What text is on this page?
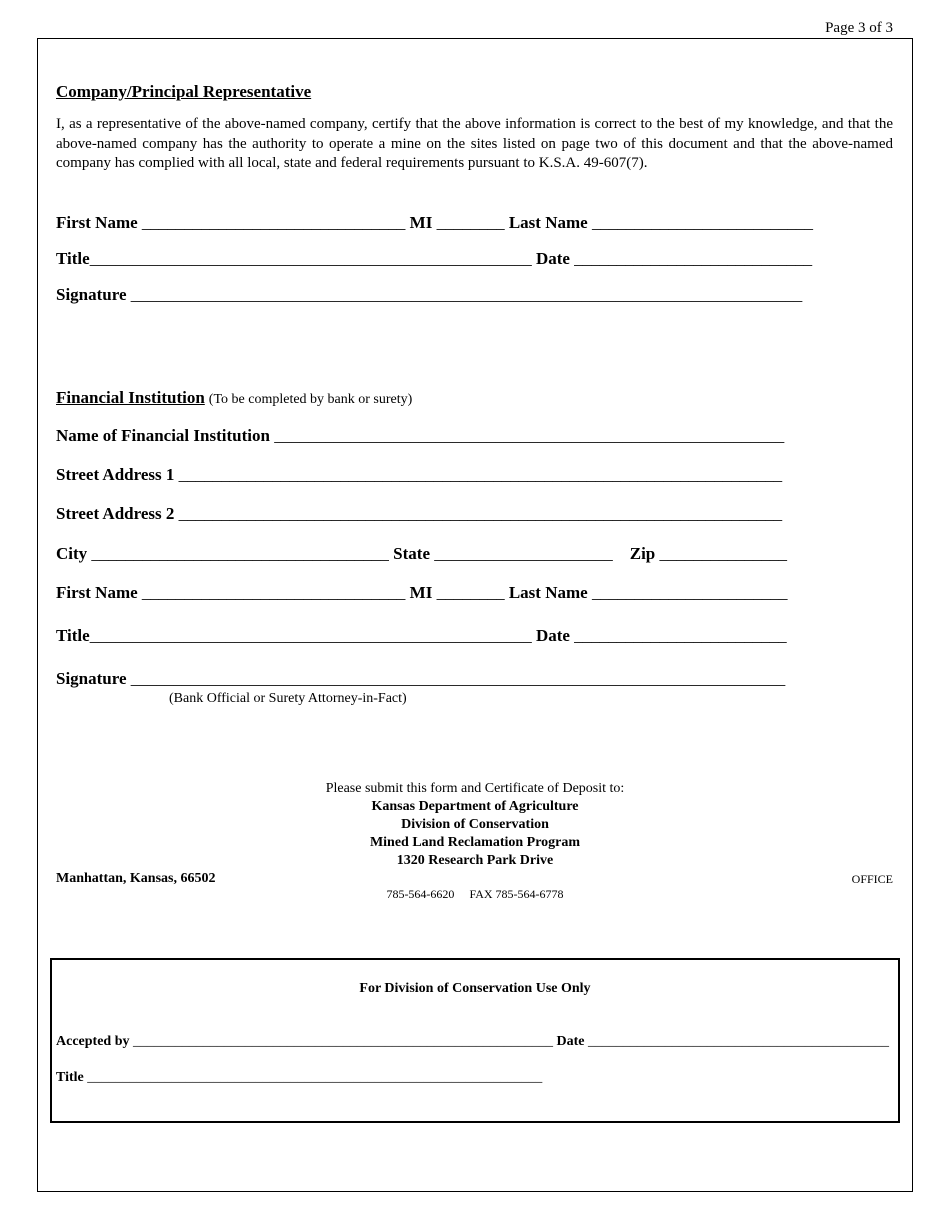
Page 3 of 3
Company/Principal Representative
I, as a representative of the above-named company, certify that the above information is correct to the best of my knowledge, and that the above-named company has the authority to operate a mine on the sites listed on page two of this document and that the above-named company has complied with all local, state and federal requirements pursuant to K.S.A. 49-607(7).
First Name _______________________________ MI ________ Last Name __________________________
Title____________________________________________________ Date ____________________________
Signature _______________________________________________________________________________
Financial Institution (To be completed by bank or surety)
Name of Financial Institution ____________________________________________________________
Street Address 1 _______________________________________________________________________
Street Address 2 _______________________________________________________________________
City ___________________________________ State _____________________ Zip _______________
First Name _______________________________ MI ________ Last Name _______________________
Title____________________________________________________ Date _________________________
Signature _____________________________________________________________________________
(Bank Official or Surety Attorney-in-Fact)
Please submit this form and Certificate of Deposit to:
Kansas Department of Agriculture
Division of Conservation
Mined Land Reclamation Program
1320 Research Park Drive
Manhattan, Kansas, 66502	OFFICE
785-564-6620 FAX 785-564-6778
For Division of Conservation Use Only
Accepted by ____________________________________________________________ Date ___________________________________________
Title _________________________________________________________________
